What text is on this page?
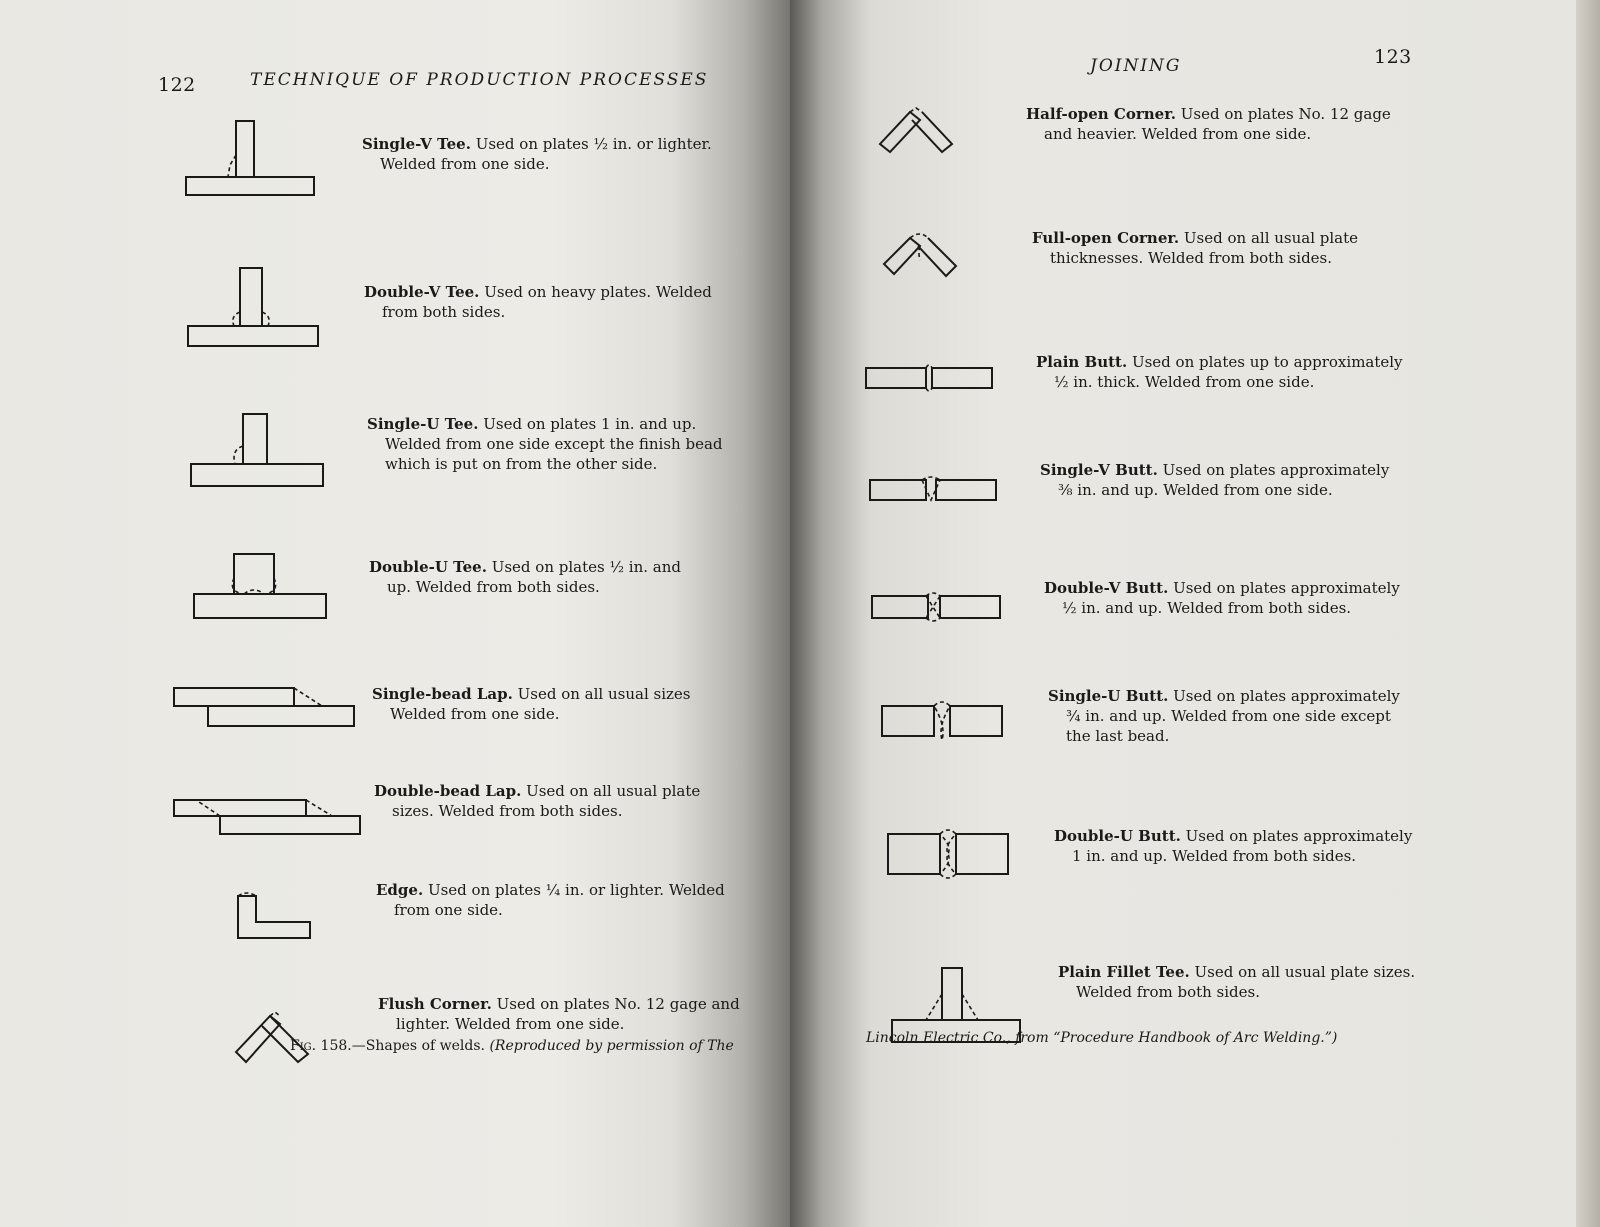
122	TECHNIQUE OF PRODUCTION PROCESSES
Single-V Tee. Used on plates ½ in. or lighter.
Welded from one side.
Double-V Tee. Used on heavy plates. Welded
from both sides.
Single-U Tee. Used on plates 1 in. and up.
Welded from one side except the finish bead
which is put on from the other side.
Double-U Tee. Used on plates ½ in. and
up. Welded from both sides.
Single-bead Lap. Used on all usual sizes
Welded from one side.
Double-bead Lap. Used on all usual plate
sizes. Welded from both sides.
Edge. Used on plates ¼ in. or lighter. Welded
from one side.
Flush Corner. Used on plates No. 12 gage and
lighter. Welded from one side.
Fig. 158.—Shapes of welds. (Reproduced by permission of The
JOINING	123
Half-open Corner. Used on plates No. 12 gage
and heavier. Welded from one side.
Full-open Corner. Used on all usual plate
thicknesses. Welded from both sides.
Plain Butt. Used on plates up to approximately
½ in. thick. Welded from one side.
Single-V Butt. Used on plates approximately
⅜ in. and up. Welded from one side.
Double-V Butt. Used on plates approximately
½ in. and up. Welded from both sides.
Single-U Butt. Used on plates approximately
¾ in. and up. Welded from one side except
the last bead.
Double-U Butt. Used on plates approximately
1 in. and up. Welded from both sides.
Plain Fillet Tee. Used on all usual plate sizes.
Welded from both sides.
Lincoln Electric Co., from “Procedure Handbook of Arc Welding.”)
